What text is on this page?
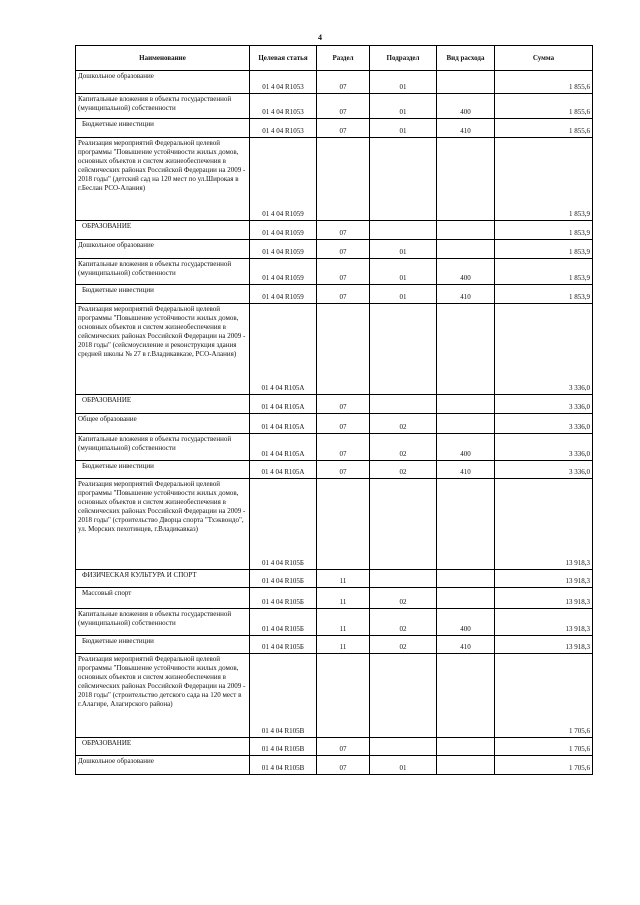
4
Наименование	Целевая статья	Раздел	Подраздел	Вид расхода	Сумма
Дошкольное образование	01 4 04 R1053	07	01		1 855,6
Капитальные вложения в объекты государственной (муниципальной) собственности	01 4 04 R1053	07	01	400	1 855,6
Бюджетные инвестиции	01 4 04 R1053	07	01	410	1 855,6
Реализация мероприятий Федеральной целевой программы "Повышение устойчивости жилых домов, основных объектов и систем жизнеобеспечения в сейсмических районах Российской Федерации на 2009 - 2018 годы" (детский сад на 120 мест по ул.Широкая в г.Беслан РСО-Алания)	01 4 04 R1059				1 853,9
ОБРАЗОВАНИЕ	01 4 04 R1059	07			1 853,9
Дошкольное образование	01 4 04 R1059	07	01		1 853,9
Капитальные вложения в объекты государственной (муниципальной) собственности	01 4 04 R1059	07	01	400	1 853,9
Бюджетные инвестиции	01 4 04 R1059	07	01	410	1 853,9
Реализация мероприятий Федеральной целевой программы "Повышение устойчивости жилых домов, основных объектов и систем жизнеобеспечения в сейсмических районах Российской Федерации на 2009 - 2018 годы" (сейсмоусиление и реконструкция здания средней школы № 27 в г.Владикавказе, РСО-Алания)	01 4 04 R105А				3 336,0
ОБРАЗОВАНИЕ	01 4 04 R105А	07			3 336,0
Общее образование	01 4 04 R105А	07	02		3 336,0
Капитальные вложения в объекты государственной (муниципальной) собственности	01 4 04 R105А	07	02	400	3 336,0
Бюджетные инвестиции	01 4 04 R105А	07	02	410	3 336,0
Реализация мероприятий Федеральной целевой программы "Повышение устойчивости жилых домов, основных объектов и систем жизнеобеспечения в сейсмических районах Российской Федерации на 2009 - 2018 годы" (строительство Дворца спорта "Тхэквондо", ул. Морских пехотинцев, г.Владикавказ)	01 4 04 R105Б				13 918,3
ФИЗИЧЕСКАЯ КУЛЬТУРА И СПОРТ	01 4 04 R105Б	11			13 918,3
Массовый спорт	01 4 04 R105Б	11	02		13 918,3
Капитальные вложения в объекты государственной (муниципальной) собственности	01 4 04 R105Б	11	02	400	13 918,3
Бюджетные инвестиции	01 4 04 R105Б	11	02	410	13 918,3
Реализация мероприятий Федеральной целевой программы "Повышение устойчивости жилых домов, основных объектов и систем жизнеобеспечения в сейсмических районах Российской Федерации на 2009 - 2018 годы" (строительство детского сада на 120 мест в г.Алагире, Алагирского района)	01 4 04 R105В				1 705,6
ОБРАЗОВАНИЕ	01 4 04 R105В	07			1 705,6
Дошкольное образование	01 4 04 R105В	07	01		1 705,6
